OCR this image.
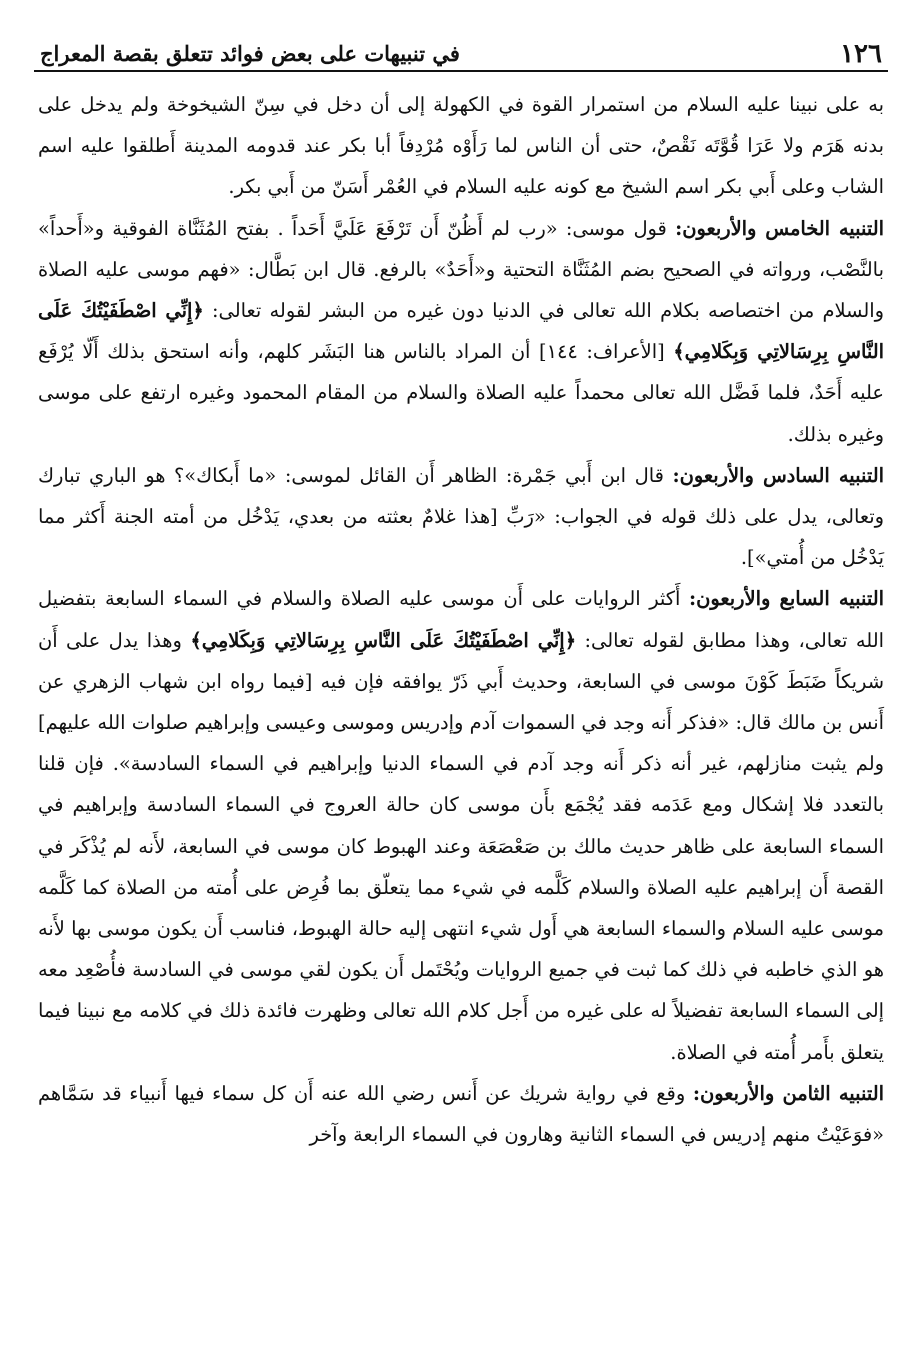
١٢٦
في تنبيهات على بعض فوائد تتعلق بقصة المعراج

به على نبينا عليه السلام من استمرار القوة في الكهولة إلى أن دخل في سِنّ الشيخوخة ولم يدخل على بدنه هَرَم ولا عَرَا قُوَّتَه نَقْصٌ، حتى أن الناس لما رَأَوْه مُرْدِفاً أبا بكر عند قدومه المدينة أَطلقوا عليه اسم الشاب وعلى أَبي بكر اسم الشيخ مع كونه عليه السلام في العُمْر أَسَنّ من أَبي بكر.

التنبيه الخامس والأربعون: قول موسى: «رب لم أَظُنّ أَن تَرْفَعَ عَلَيَّ أَحَداً . بفتح المُثَنَّاة الفوقية و«أَحداً» بالنَّصْب، ورواته في الصحيح بضم المُثَنَّاة التحتية و«أَحَدٌ» بالرفع. قال ابن بَطَّال: «فهم موسى عليه الصلاة والسلام من اختصاصه بكلام الله تعالى في الدنيا دون غيره من البشر لقوله تعالى: ﴿إِنِّي اصْطَفَيْتُكَ عَلَى النَّاسِ بِرِسَالاتِي وَبِكَلامِي﴾ [الأعراف: ١٤٤] أن المراد بالناس هنا البَشَر كلهم، وأنه استحق بذلك أَلّا يُرْفَع عليه أَحَدٌ، فلما فَضَّل الله تعالى محمداً عليه الصلاة والسلام من المقام المحمود وغيره ارتفع على موسى وغيره بذلك.

التنبيه السادس والأربعون: قال ابن أَبي جَمْرة: الظاهر أَن القائل لموسى: «ما أَبكاك»؟ هو الباري تبارك وتعالى، يدل على ذلك قوله في الجواب: «رَبِّ [هذا غلامٌ بعثته من بعدي، يَدْخُل من أمته الجنة أَكثر مما يَدْخُل من أُمتي»].

التنبيه السابع والأربعون: أَكثر الروايات على أَن موسى عليه الصلاة والسلام في السماء السابعة بتفضيل الله تعالى، وهذا مطابق لقوله تعالى: ﴿إِنِّي اصْطَفَيْتُكَ عَلَى النَّاسِ بِرِسَالاتِي وَبِكَلامِي﴾ وهذا يدل على أَن شريكاً ضَبَطَ كَوْنَ موسى في السابعة، وحديث أَبي ذَرّ يوافقه فإن فيه [فيما رواه ابن شهاب الزهري عن أَنس بن مالك قال: «فذكر أَنه وجد في السموات آدم وإدريس وموسى وعيسى وإبراهيم صلوات الله عليهم] ولم يثبت منازلهم، غير أنه ذكر أَنه وجد آدم في السماء الدنيا وإبراهيم في السماء السادسة». فإن قلنا بالتعدد فلا إشكال ومع عَدَمه فقد يُجْمَع بأَن موسى كان حالة العروج في السماء السادسة وإبراهيم في السماء السابعة على ظاهر حديث مالك بن صَعْصَعَة وعند الهبوط كان موسى في السابعة، لأَنه لم يُذْكَر في القصة أَن إبراهيم عليه الصلاة والسلام كَلَّمه في شيء مما يتعلّق بما فُرِض على أُمته من الصلاة كما كَلَّمه موسى عليه السلام والسماء السابعة هي أَول شيء انتهى إليه حالة الهبوط، فناسب أَن يكون موسى بها لأَنه هو الذي خاطبه في ذلك كما ثبت في جميع الروايات ويُحْتَمل أَن يكون لقي موسى في السادسة فأُصْعِد معه إلى السماء السابعة تفضيلاً له على غيره من أَجل كلام الله تعالى وظهرت فائدة ذلك في كلامه مع نبينا فيما يتعلق بأَمر أُمته في الصلاة.

التنبيه الثامن والأربعون: وقع في رواية شريك عن أَنس رضي الله عنه أَن كل سماء فيها أَنبياء قد سَمَّاهم «فوَعَيْتُ منهم إدريس في السماء الثانية وهارون في السماء الرابعة وآخر
